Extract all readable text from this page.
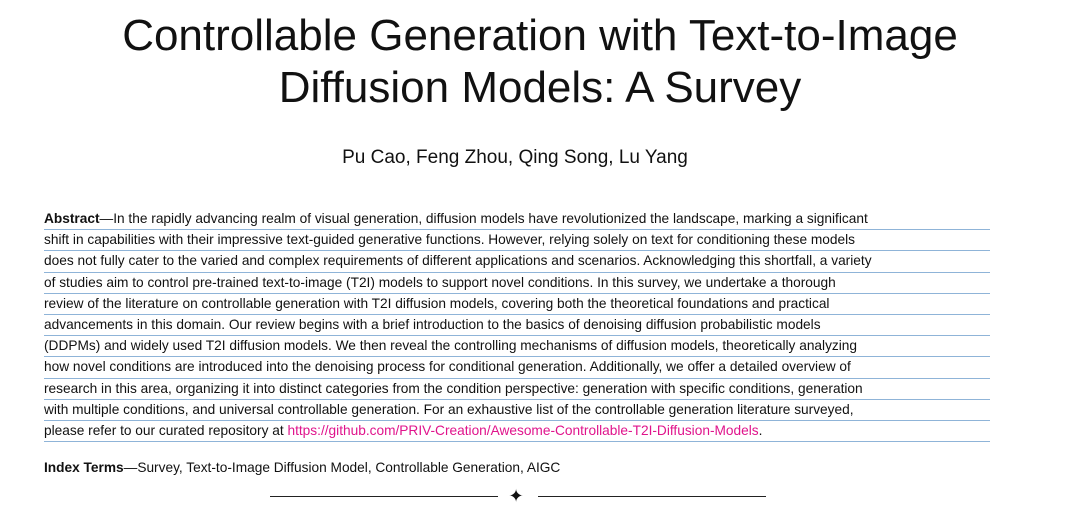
Controllable Generation with Text-to-Image
Diffusion Models: A Survey
Pu Cao, Feng Zhou, Qing Song, Lu Yang
Abstract—In the rapidly advancing realm of visual generation, diffusion models have revolutionized the landscape, marking a significant
shift in capabilities with their impressive text-guided generative functions. However, relying solely on text for conditioning these models
does not fully cater to the varied and complex requirements of different applications and scenarios. Acknowledging this shortfall, a variety
of studies aim to control pre-trained text-to-image (T2I) models to support novel conditions. In this survey, we undertake a thorough
review of the literature on controllable generation with T2I diffusion models, covering both the theoretical foundations and practical
advancements in this domain. Our review begins with a brief introduction to the basics of denoising diffusion probabilistic models
(DDPMs) and widely used T2I diffusion models. We then reveal the controlling mechanisms of diffusion models, theoretically analyzing
how novel conditions are introduced into the denoising process for conditional generation. Additionally, we offer a detailed overview of
research in this area, organizing it into distinct categories from the condition perspective: generation with specific conditions, generation
with multiple conditions, and universal controllable generation. For an exhaustive list of the controllable generation literature surveyed,
please refer to our curated repository at https://github.com/PRIV-Creation/Awesome-Controllable-T2I-Diffusion-Models.
Index Terms—Survey, Text-to-Image Diffusion Model, Controllable Generation, AIGC
✦
